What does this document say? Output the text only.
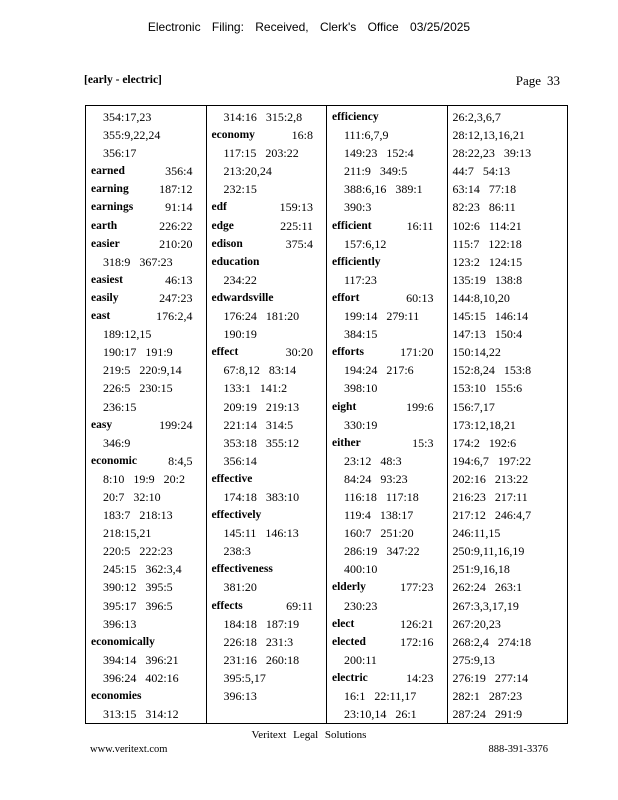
Electronic Filing: Received, Clerk's Office 03/25/2025
[early - electric]	Page 33
354:17,23
355:9,22,24
356:17
earned	356:4
earning	187:12
earnings	91:14
earth	226:22
easier	210:20
318:9   367:23
easiest	46:13
easily	247:23
east	176:2,4
189:12,15
190:17   191:9
219:5   220:9,14
226:5   230:15
236:15
easy	199:24
346:9
economic	8:4,5
8:10   19:9   20:2
20:7   32:10
183:7   218:13
218:15,21
220:5   222:23
245:15   362:3,4
390:12   395:5
395:17   396:5
396:13
economically
394:14   396:21
396:24   402:16
economies
313:15   314:12
314:16   315:2,8
economy	16:8
117:15   203:22
213:20,24
232:15
edf	159:13
edge	225:11
edison	375:4
education
234:22
edwardsville
176:24   181:20
190:19
effect	30:20
67:8,12   83:14
133:1   141:2
209:19   219:13
221:14   314:5
353:18   355:12
356:14
effective
174:18   383:10
effectively
145:11   146:13
238:3
effectiveness
381:20
effects	69:11
184:18   187:19
226:18   231:3
231:16   260:18
395:5,17
396:13
efficiency
111:6,7,9
149:23   152:4
211:9   349:5
388:6,16   389:1
390:3
efficient	16:11
157:6,12
efficiently
117:23
effort	60:13
199:14   279:11
384:15
efforts	171:20
194:24   217:6
398:10
eight	199:6
330:19
either	15:3
23:12   48:3
84:24   93:23
116:18   117:18
119:4   138:17
160:7   251:20
286:19   347:22
400:10
elderly	177:23
230:23
elect	126:21
elected	172:16
200:11
electric	14:23
16:1   22:11,17
23:10,14   26:1
26:2,3,6,7
28:12,13,16,21
28:22,23   39:13
44:7   54:13
63:14   77:18
82:23   86:11
102:6   114:21
115:7   122:18
123:2   124:15
135:19   138:8
144:8,10,20
145:15   146:14
147:13   150:4
150:14,22
152:8,24   153:8
153:10   155:6
156:7,17
173:12,18,21
174:2   192:6
194:6,7   197:22
202:16   213:22
216:23   217:11
217:12   246:4,7
246:11,15
250:9,11,16,19
251:9,16,18
262:24   263:1
267:3,3,17,19
267:20,23
268:2,4   274:18
275:9,13
276:19   277:14
282:1   287:23
287:24   291:9
Veritext Legal Solutions
www.veritext.com	888-391-3376
